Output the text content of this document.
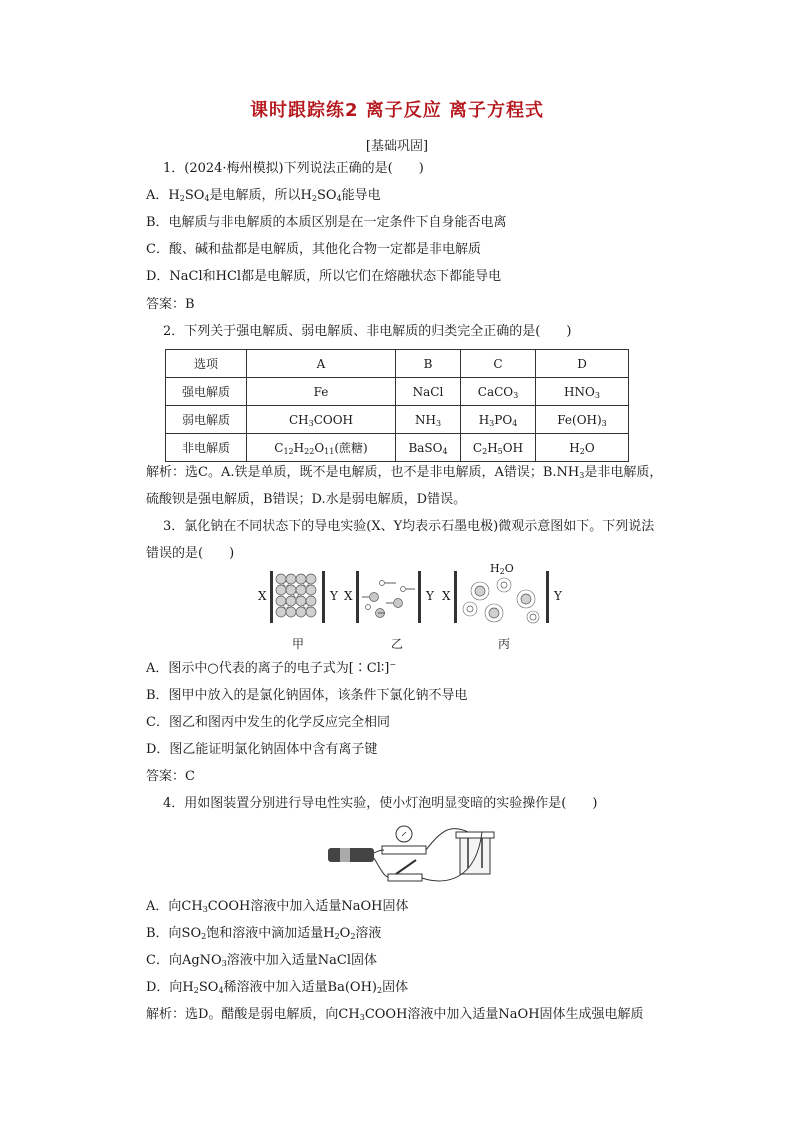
课时跟踪练2 离子反应 离子方程式
[基础巩固]
1．(2024·梅州模拟)下列说法正确的是(　　)
A．$H_2SO_4$是电解质，所以$H_2SO_4$能导电
B．电解质与非电解质的本质区别是在一定条件下自身能否电离
C．酸、碱和盐都是电解质，其他化合物一定都是非电解质
D．NaCl和HCl都是电解质，所以它们在熔融状态下都能导电
答案：B
2．下列关于强电解质、弱电解质、非电解质的归类完全正确的是(　　)
选项	A	B	C	D
强电解质	Fe	NaCl	CaCO$_3$	$HNO_3$
弱电解质	$CH_3COOH$	$NH_3$	$H_3PO_4$	$Fe(OH)_3$
非电解质	$C_{12}H_{22}O_{11}$(蔗糖)	BaSO$_4$	$C_2H_5OH$	$H_2O$
解析：选C。A.铁是单质，既不是电解质，也不是非电解质，A错误；$B.NH_3$是非电解质，
硫酸钡是强电解质，B错误；D.水是弱电解质，D错误。
3．氯化钠在不同状态下的导电实验(X、Y均表示石墨电极)微观示意图如下。下列说法
错误的是(　　)
X	Y X	Y X	Y
$H_2O$
甲	乙	丙
A．图示中○代表的离子的电子式为[∶Cl∶]−
B．图甲中放入的是氯化钠固体，该条件下氯化钠不导电
C．图乙和图丙中发生的化学反应完全相同
D．图乙能证明氯化钠固体中含有离子键
答案：C
4．用如图装置分别进行导电性实验，使小灯泡明显变暗的实验操作是(　　)
A．向$CH_3COOH$溶液中加入适量NaOH固体
B．向$SO_2$饱和溶液中滴加适量$H_2O_2$溶液
C．向AgNO$_3$溶液中加入适量NaCl固体
D．向$H_2SO_4$稀溶液中加入适量$Ba(OH)_2$固体
解析：选D。醋酸是弱电解质，向$CH_3COOH$溶液中加入适量NaOH固体生成强电解质
